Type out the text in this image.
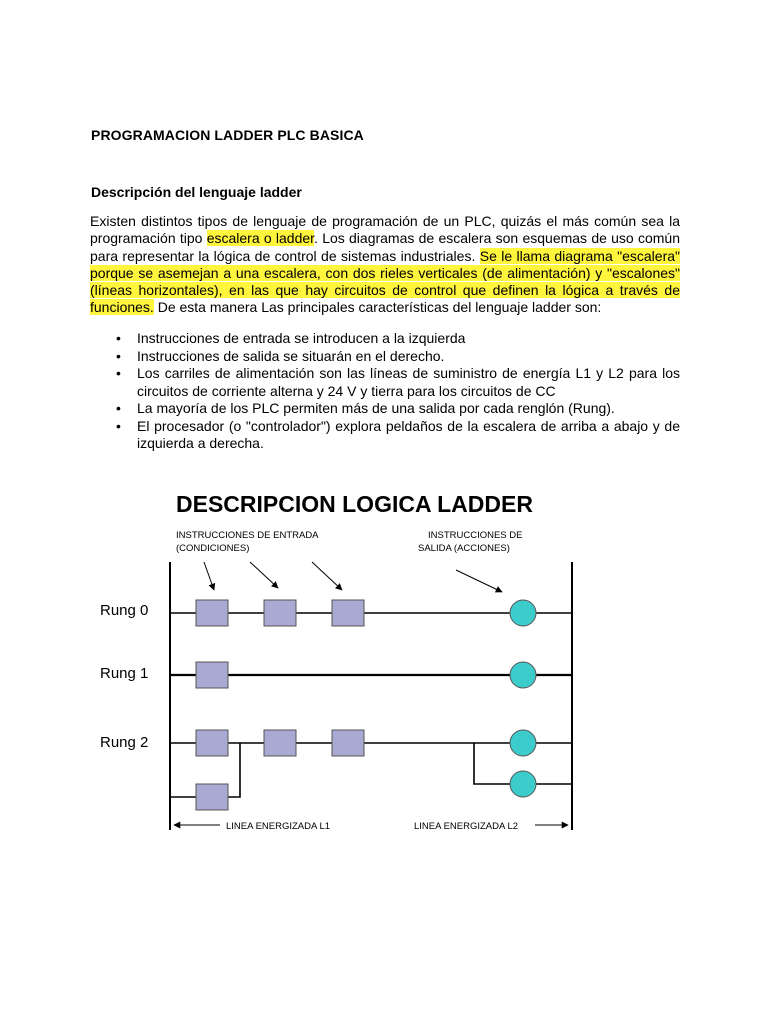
PROGRAMACION LADDER PLC BASICA
Descripción del lenguaje ladder
Existen distintos tipos de lenguaje de programación de un PLC, quizás el más común sea la programación tipo escalera o ladder. Los diagramas de escalera son esquemas de uso común para representar la lógica de control de sistemas industriales. Se le llama diagrama "escalera" porque se asemejan a una escalera, con dos rieles verticales (de alimentación) y "escalones" (líneas horizontales), en las que hay circuitos de control que definen la lógica a través de funciones. De esta manera Las principales características del lenguaje ladder son:
• Instrucciones de entrada se introducen a la izquierda
• Instrucciones de salida se situarán en el derecho.
• Los carriles de alimentación son las líneas de suministro de energía L1 y L2 para los circuitos de corriente alterna y 24 V y tierra para los circuitos de CC
• La mayoría de los PLC permiten más de una salida por cada renglón (Rung).
• El procesador (o "controlador") explora peldaños de la escalera de arriba a abajo y de izquierda a derecha.
DESCRIPCION LOGICA LADDER
INSTRUCCIONES DE ENTRADA
(CONDICIONES)
INSTRUCCIONES DE
SALIDA (ACCIONES)
Rung 0
Rung 1
Rung 2
LINEA ENERGIZADA L1	LINEA ENERGIZADA L2
